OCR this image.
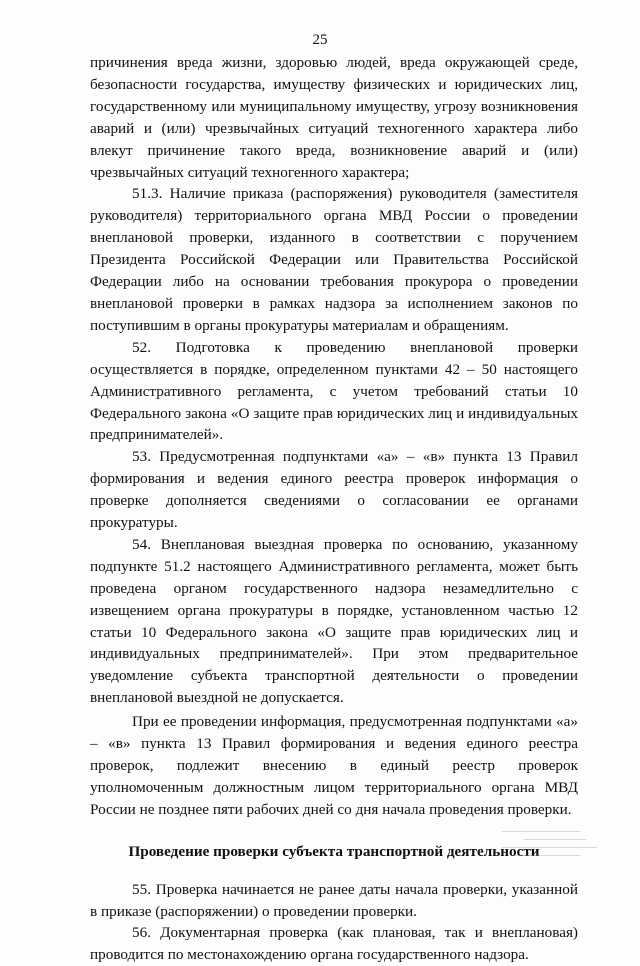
25

причинения вреда жизни, здоровью людей, вреда окружающей среде, безопасности государства, имуществу физических и юридических лиц, государственному или муниципальному имуществу, угрозу возникновения аварий и (или) чрезвычайных ситуаций техногенного характера либо влекут причинение такого вреда, возникновение аварий и (или) чрезвычайных ситуаций техногенного характера;

51.3. Наличие приказа (распоряжения) руководителя (заместителя руководителя) территориального органа МВД России о проведении внеплановой проверки, изданного в соответствии с поручением Президента Российской Федерации или Правительства Российской Федерации либо на основании требования прокурора о проведении внеплановой проверки в рамках надзора за исполнением законов по поступившим в органы прокуратуры материалам и обращениям.

52. Подготовка к проведению внеплановой проверки осуществляется в порядке, определенном пунктами 42 – 50 настоящего Административного регламента, с учетом требований статьи 10 Федерального закона «О защите прав юридических лиц и индивидуальных предпринимателей».

53. Предусмотренная подпунктами «а» – «в» пункта 13 Правил формирования и ведения единого реестра проверок информация о проверке дополняется сведениями о согласовании ее органами прокуратуры.

54. Внеплановая выездная проверка по основанию, указанному подпункте 51.2 настоящего Административного регламента, может быть проведена органом государственного надзора незамедлительно с извещением органа прокуратуры в порядке, установленном частью 12 статьи 10 Федерального закона «О защите прав юридических лиц и индивидуальных предпринимателей». При этом предварительное уведомление субъекта транспортной деятельности о проведении внеплановой выездной не допускается.

При ее проведении информация, предусмотренная подпунктами «а» – «в» пункта 13 Правил формирования и ведения единого реестра проверок, подлежит внесению в единый реестр проверок уполномоченным должностным лицом территориального органа МВД России не позднее пяти рабочих дней со дня начала проведения проверки.

Проведение проверки субъекта транспортной деятельности

55. Проверка начинается не ранее даты начала проверки, указанной в приказе (распоряжении) о проведении проверки.

56. Документарная проверка (как плановая, так и внеплановая) проводится по местонахождению органа государственного надзора.
